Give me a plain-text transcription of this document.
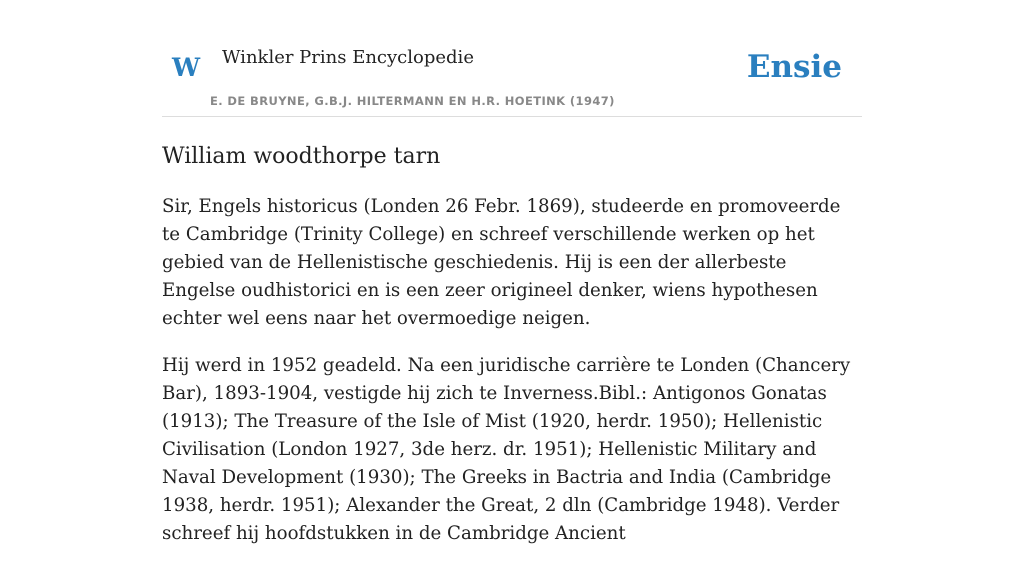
W Winkler Prins Encyclopedie
E. DE BRUYNE, G.B.J. HILTERMANN EN H.R. HOETINK (1947)
Ensie
William woodthorpe tarn

Sir, Engels historicus (Londen 26 Febr. 1869), studeerde en promoveerde te Cambridge (Trinity College) en schreef verschillende werken op het gebied van de Hellenistische geschiedenis. Hij is een der allerbeste Engelse oudhistorici en is een zeer origineel denker, wiens hypothesen echter wel eens naar het overmoedige neigen.

Hij werd in 1952 geadeld. Na een juridische carrière te Londen (Chancery Bar), 1893-1904, vestigde hij zich te Inverness.Bibl.: Antigonos Gonatas (1913); The Treasure of the Isle of Mist (1920, herdr. 1950); Hellenistic Civilisation (London 1927, 3de herz. dr. 1951); Hellenistic Military and Naval Development (1930); The Greeks in Bactria and India (Cambridge 1938, herdr. 1951); Alexander the Great, 2 dln (Cambridge 1948). Verder schreef hij hoofdstukken in de Cambridge Ancient
